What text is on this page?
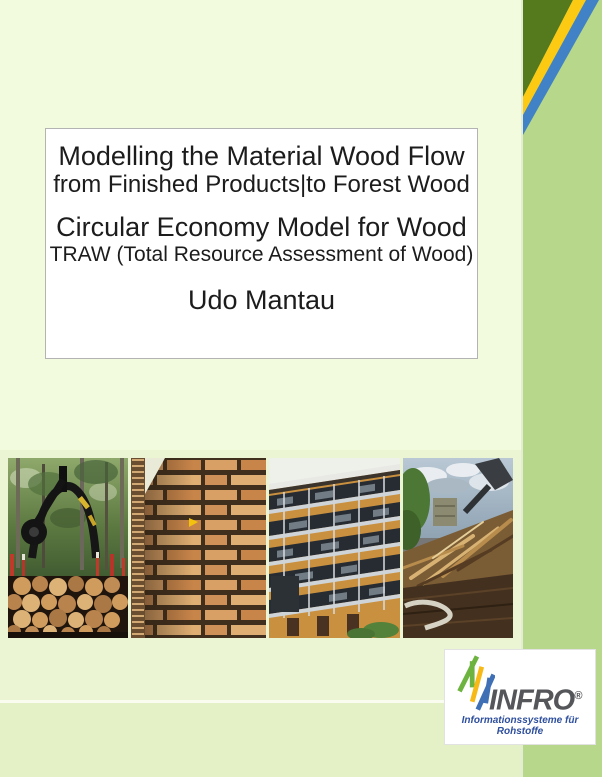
Modelling the Material Wood Flow
from Finished Products|to Forest Wood
Circular Economy Model for Wood
TRAW (Total Resource Assessment of Wood)
Udo Mantau
INFRO®
Informationssysteme für Rohstoffe
